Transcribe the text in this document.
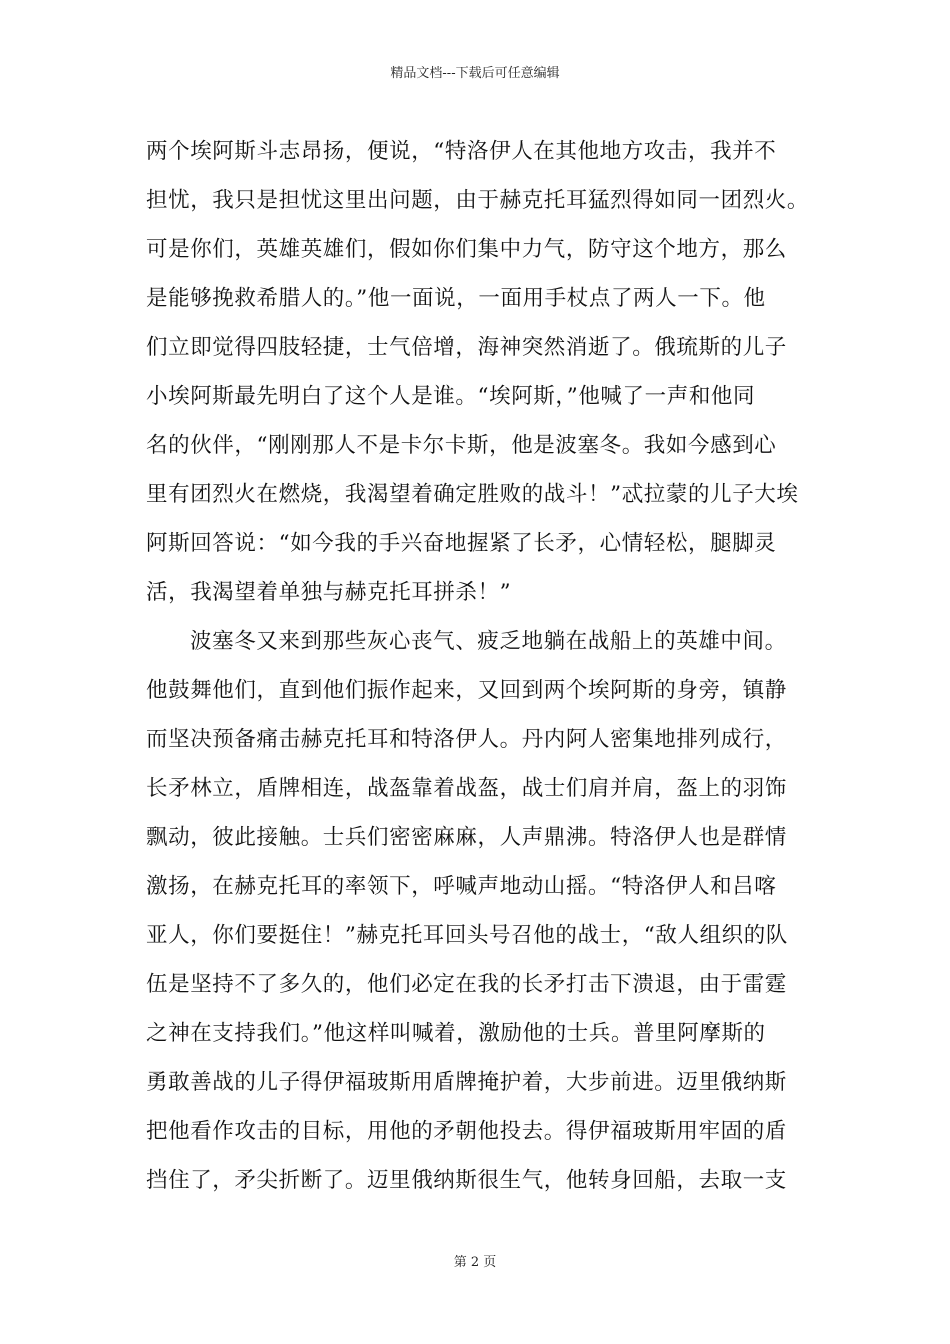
精品文档---下载后可任意编辑
两个埃阿斯斗志昂扬，便说，“特洛伊人在其他地方攻击，我并不
担忧，我只是担忧这里出问题，由于赫克托耳猛烈得如同一团烈火。
可是你们，英雄英雄们，假如你们集中力气，防守这个地方，那么
是能够挽救希腊人的。”他一面说，一面用手杖点了两人一下。他
们立即觉得四肢轻捷，士气倍增，海神突然消逝了。俄琉斯的儿子
小埃阿斯最先明白了这个人是谁。“埃阿斯，”他喊了一声和他同
名的伙伴，“刚刚那人不是卡尔卡斯，他是波塞冬。我如今感到心
里有团烈火在燃烧，我渴望着确定胜败的战斗！”忒拉蒙的儿子大埃
阿斯回答说：“如今我的手兴奋地握紧了长矛，心情轻松，腿脚灵
活，我渴望着单独与赫克托耳拼杀！”
波塞冬又来到那些灰心丧气、疲乏地躺在战船上的英雄中间。
他鼓舞他们，直到他们振作起来，又回到两个埃阿斯的身旁，镇静
而坚决预备痛击赫克托耳和特洛伊人。丹内阿人密集地排列成行，
长矛林立，盾牌相连，战盔靠着战盔，战士们肩并肩，盔上的羽饰
飘动，彼此接触。士兵们密密麻麻，人声鼎沸。特洛伊人也是群情
激扬，在赫克托耳的率领下，呼喊声地动山摇。“特洛伊人和吕喀
亚人，你们要挺住！”赫克托耳回头号召他的战士，“敌人组织的队
伍是坚持不了多久的，他们必定在我的长矛打击下溃退，由于雷霆
之神在支持我们。”他这样叫喊着，激励他的士兵。普里阿摩斯的
勇敢善战的儿子得伊福玻斯用盾牌掩护着，大步前进。迈里俄纳斯
把他看作攻击的目标，用他的矛朝他投去。得伊福玻斯用牢固的盾
挡住了，矛尖折断了。迈里俄纳斯很生气，他转身回船，去取一支
第 2 页
